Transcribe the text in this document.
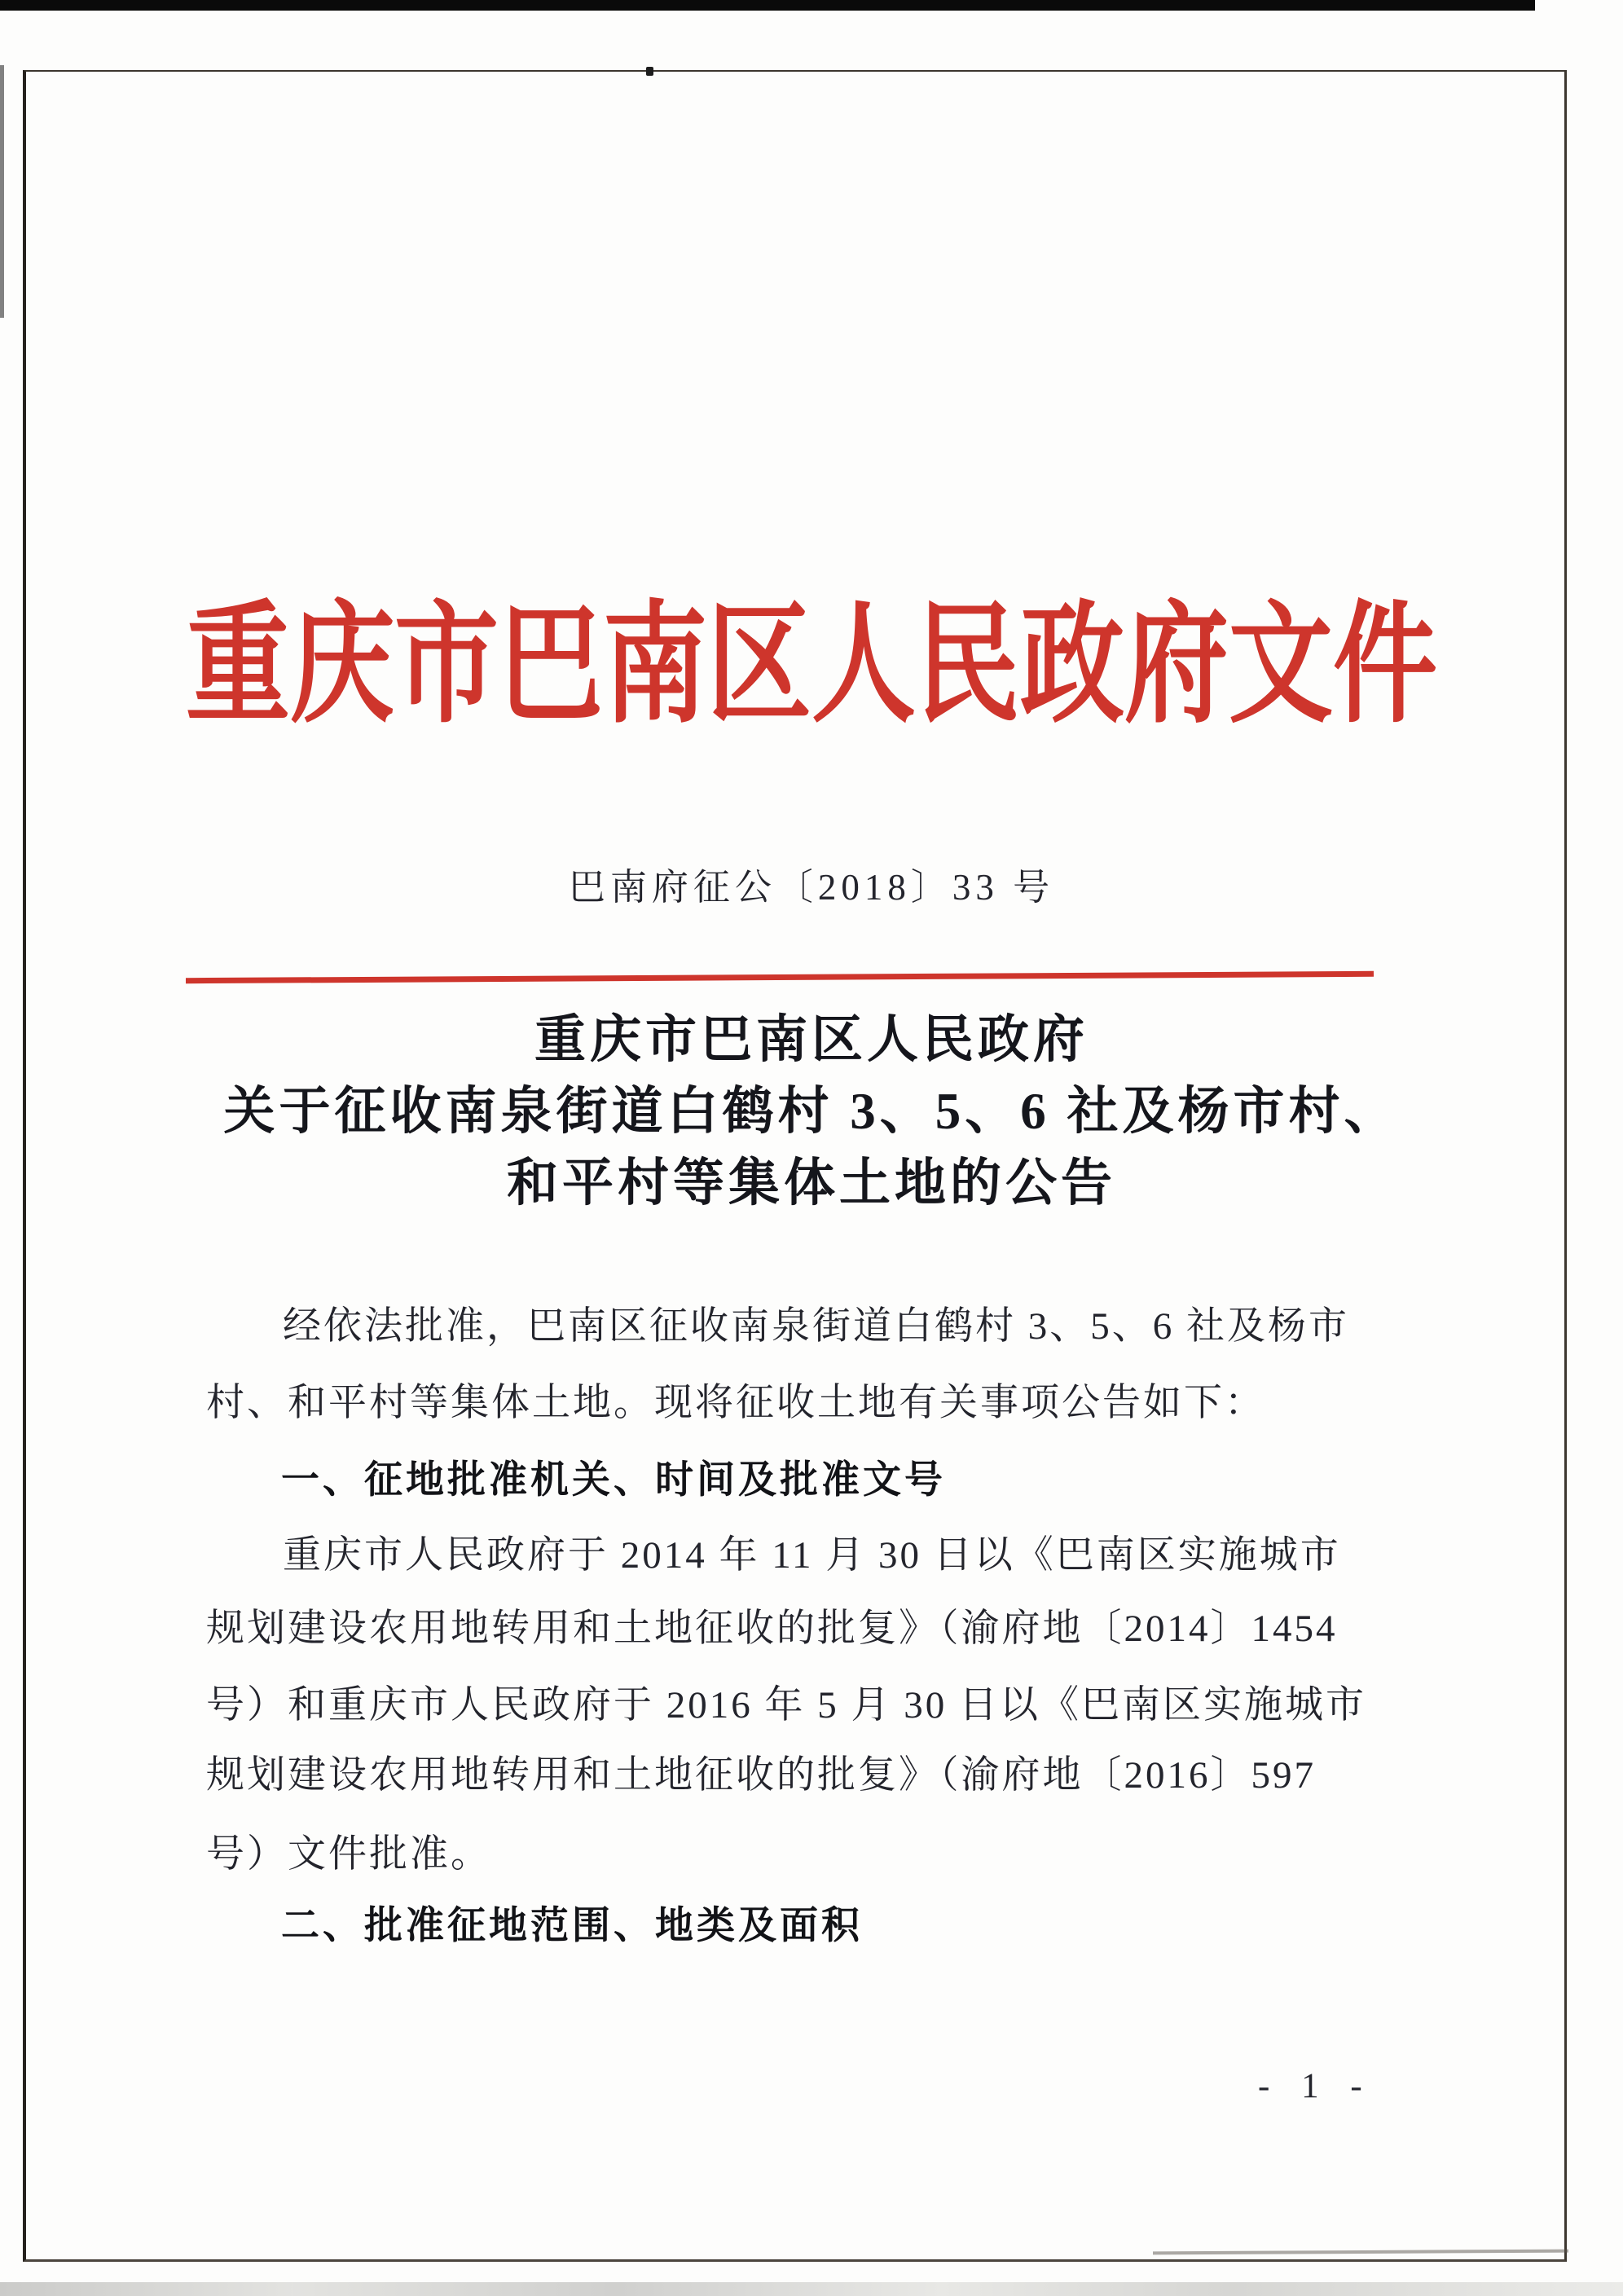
重庆市巴南区人民政府文件
巴南府征公〔2018〕33 号
重庆市巴南区人民政府
关于征收南泉街道白鹤村 3、5、6 社及杨市村、
和平村等集体土地的公告
经依法批准，巴南区征收南泉街道白鹤村 3、5、6 社及杨市
村、和平村等集体土地。现将征收土地有关事项公告如下：
一、征地批准机关、时间及批准文号
重庆市人民政府于 2014 年 11 月 30 日以《巴南区实施城市
规划建设农用地转用和土地征收的批复》（渝府地〔2014〕1454
号）和重庆市人民政府于 2016 年 5 月 30 日以《巴南区实施城市
规划建设农用地转用和土地征收的批复》（渝府地〔2016〕597
号）文件批准。
二、批准征地范围、地类及面积
- 1 -
